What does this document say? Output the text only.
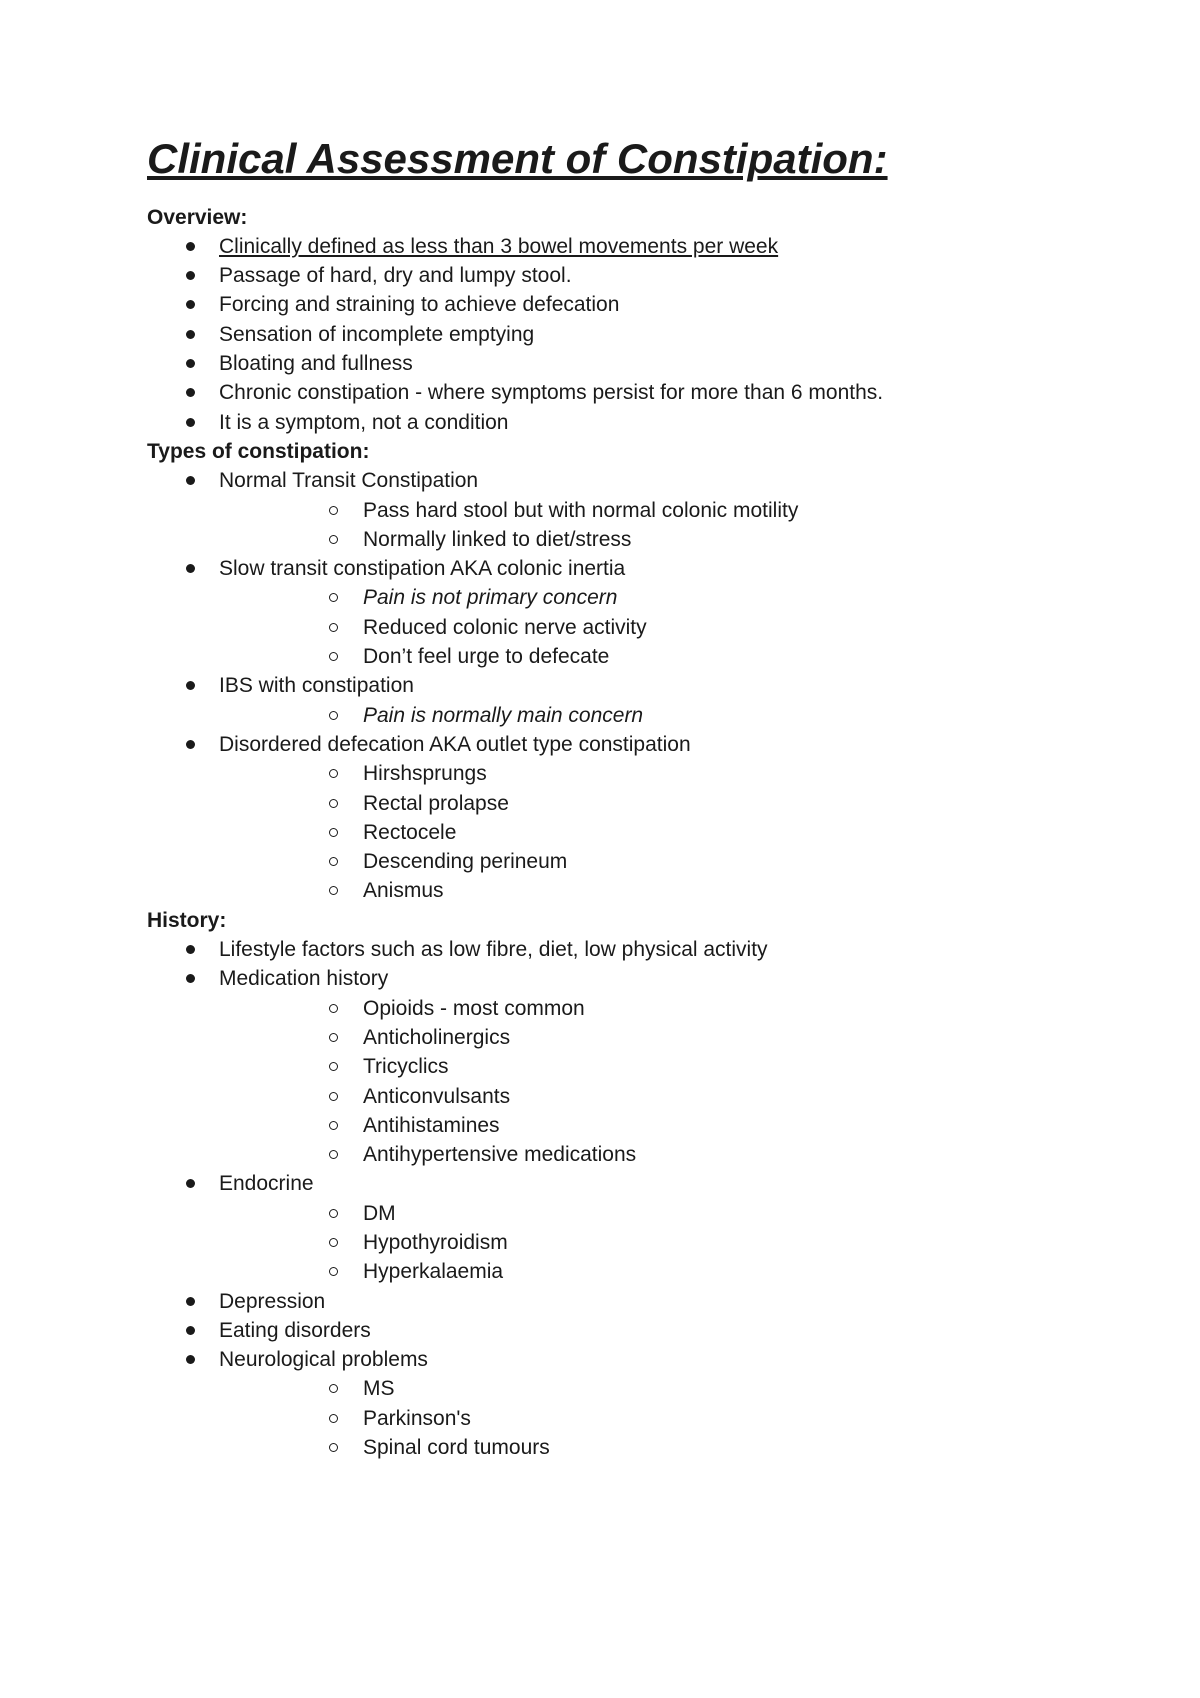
Clinical Assessment of Constipation:
Overview:
Clinically defined as less than 3 bowel movements per week
Passage of hard, dry and lumpy stool.
Forcing and straining to achieve defecation
Sensation of incomplete emptying
Bloating and fullness
Chronic constipation - where symptoms persist for more than 6 months.
It is a symptom, not a condition
Types of constipation:
Normal Transit Constipation
Pass hard stool but with normal colonic motility
Normally linked to diet/stress
Slow transit constipation AKA colonic inertia
Pain is not primary concern
Reduced colonic nerve activity
Don’t feel urge to defecate
IBS with constipation
Pain is normally main concern
Disordered defecation AKA outlet type constipation
Hirshsprungs
Rectal prolapse
Rectocele
Descending perineum
Anismus
History:
Lifestyle factors such as low fibre, diet, low physical activity
Medication history
Opioids - most common
Anticholinergics
Tricyclics
Anticonvulsants
Antihistamines
Antihypertensive medications
Endocrine
DM
Hypothyroidism
Hyperkalaemia
Depression
Eating disorders
Neurological problems
MS
Parkinson's
Spinal cord tumours
